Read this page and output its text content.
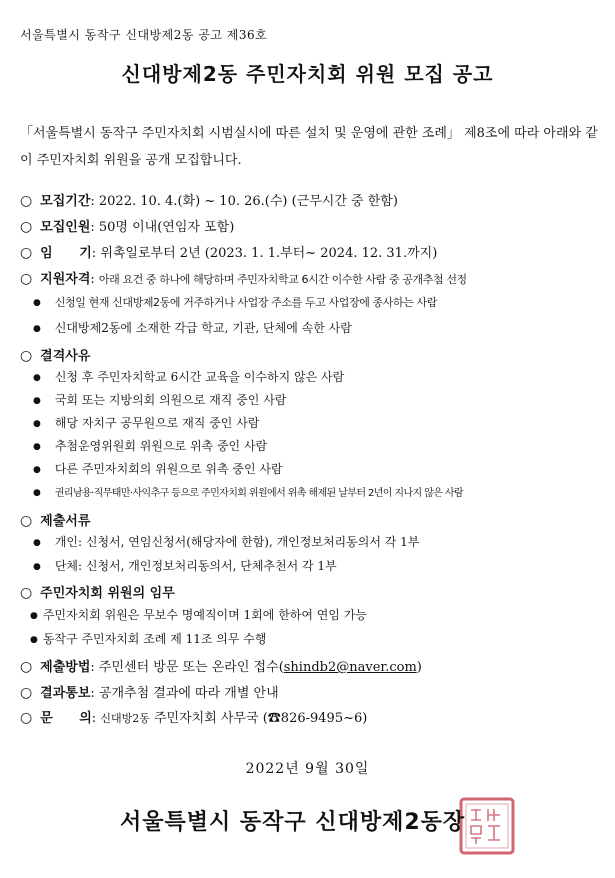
서울특별시 동작구 신대방제2동 공고 제36호
신대방제2동 주민자치회 위원 모집 공고
「서울특별시 동작구 주민자치회 시범실시에 따른 설치 및 운영에 관한 조례」 제8조에 따라 아래와 같이 주민자치회 위원을 공개 모집합니다.
○ 모집기간: 2022. 10. 4.(화) ~ 10. 26.(수) (근무시간 중 한함)
○ 모집인원: 50명 이내(연임자 포함)
○ 임 기: 위촉일로부터 2년 (2023. 1. 1.부터~ 2024. 12. 31.까지)
○ 지원자격: 아래 요건 중 하나에 해당하며 주민자치학교 6시간 이수한 사람 중 공개추첨 선정
● 신청일 현재 신대방제2동에 거주하거나 사업장 주소를 두고 사업장에 종사하는 사람
● 신대방제2동에 소재한 각급 학교, 기관, 단체에 속한 사람
○ 결격사유
● 신청 후 주민자치학교 6시간 교육을 이수하지 않은 사람
● 국회 또는 지방의회 의원으로 재직 중인 사람
● 해당 자치구 공무원으로 재직 중인 사람
● 추첨운영위원회 위원으로 위촉 중인 사람
● 다른 주민자치회의 위원으로 위촉 중인 사람
● 권리남용·직무태만·사익추구 등으로 주민자치회 위원에서 위촉 해제된 날부터 2년이 지나지 않은 사람
○ 제출서류
● 개인: 신청서, 연임신청서(해당자에 한함), 개인정보처리동의서 각 1부
● 단체: 신청서, 개인정보처리동의서, 단체추천서 각 1부
○ 주민자치회 위원의 임무
● 주민자치회 위원은 무보수 명예직이며 1회에 한하여 연임 가능
● 동작구 주민자치회 조례 제 11조 의무 수행
○ 제출방법: 주민센터 방문 또는 온라인 접수(shindb2@naver.com)
○ 결과통보: 공개추첨 결과에 따라 개별 안내
○ 문 의: 신대방2동 주민자치회 사무국 (☎826-9495~6)
2022년 9월 30일
서울특별시 동작구 신대방제2동장
